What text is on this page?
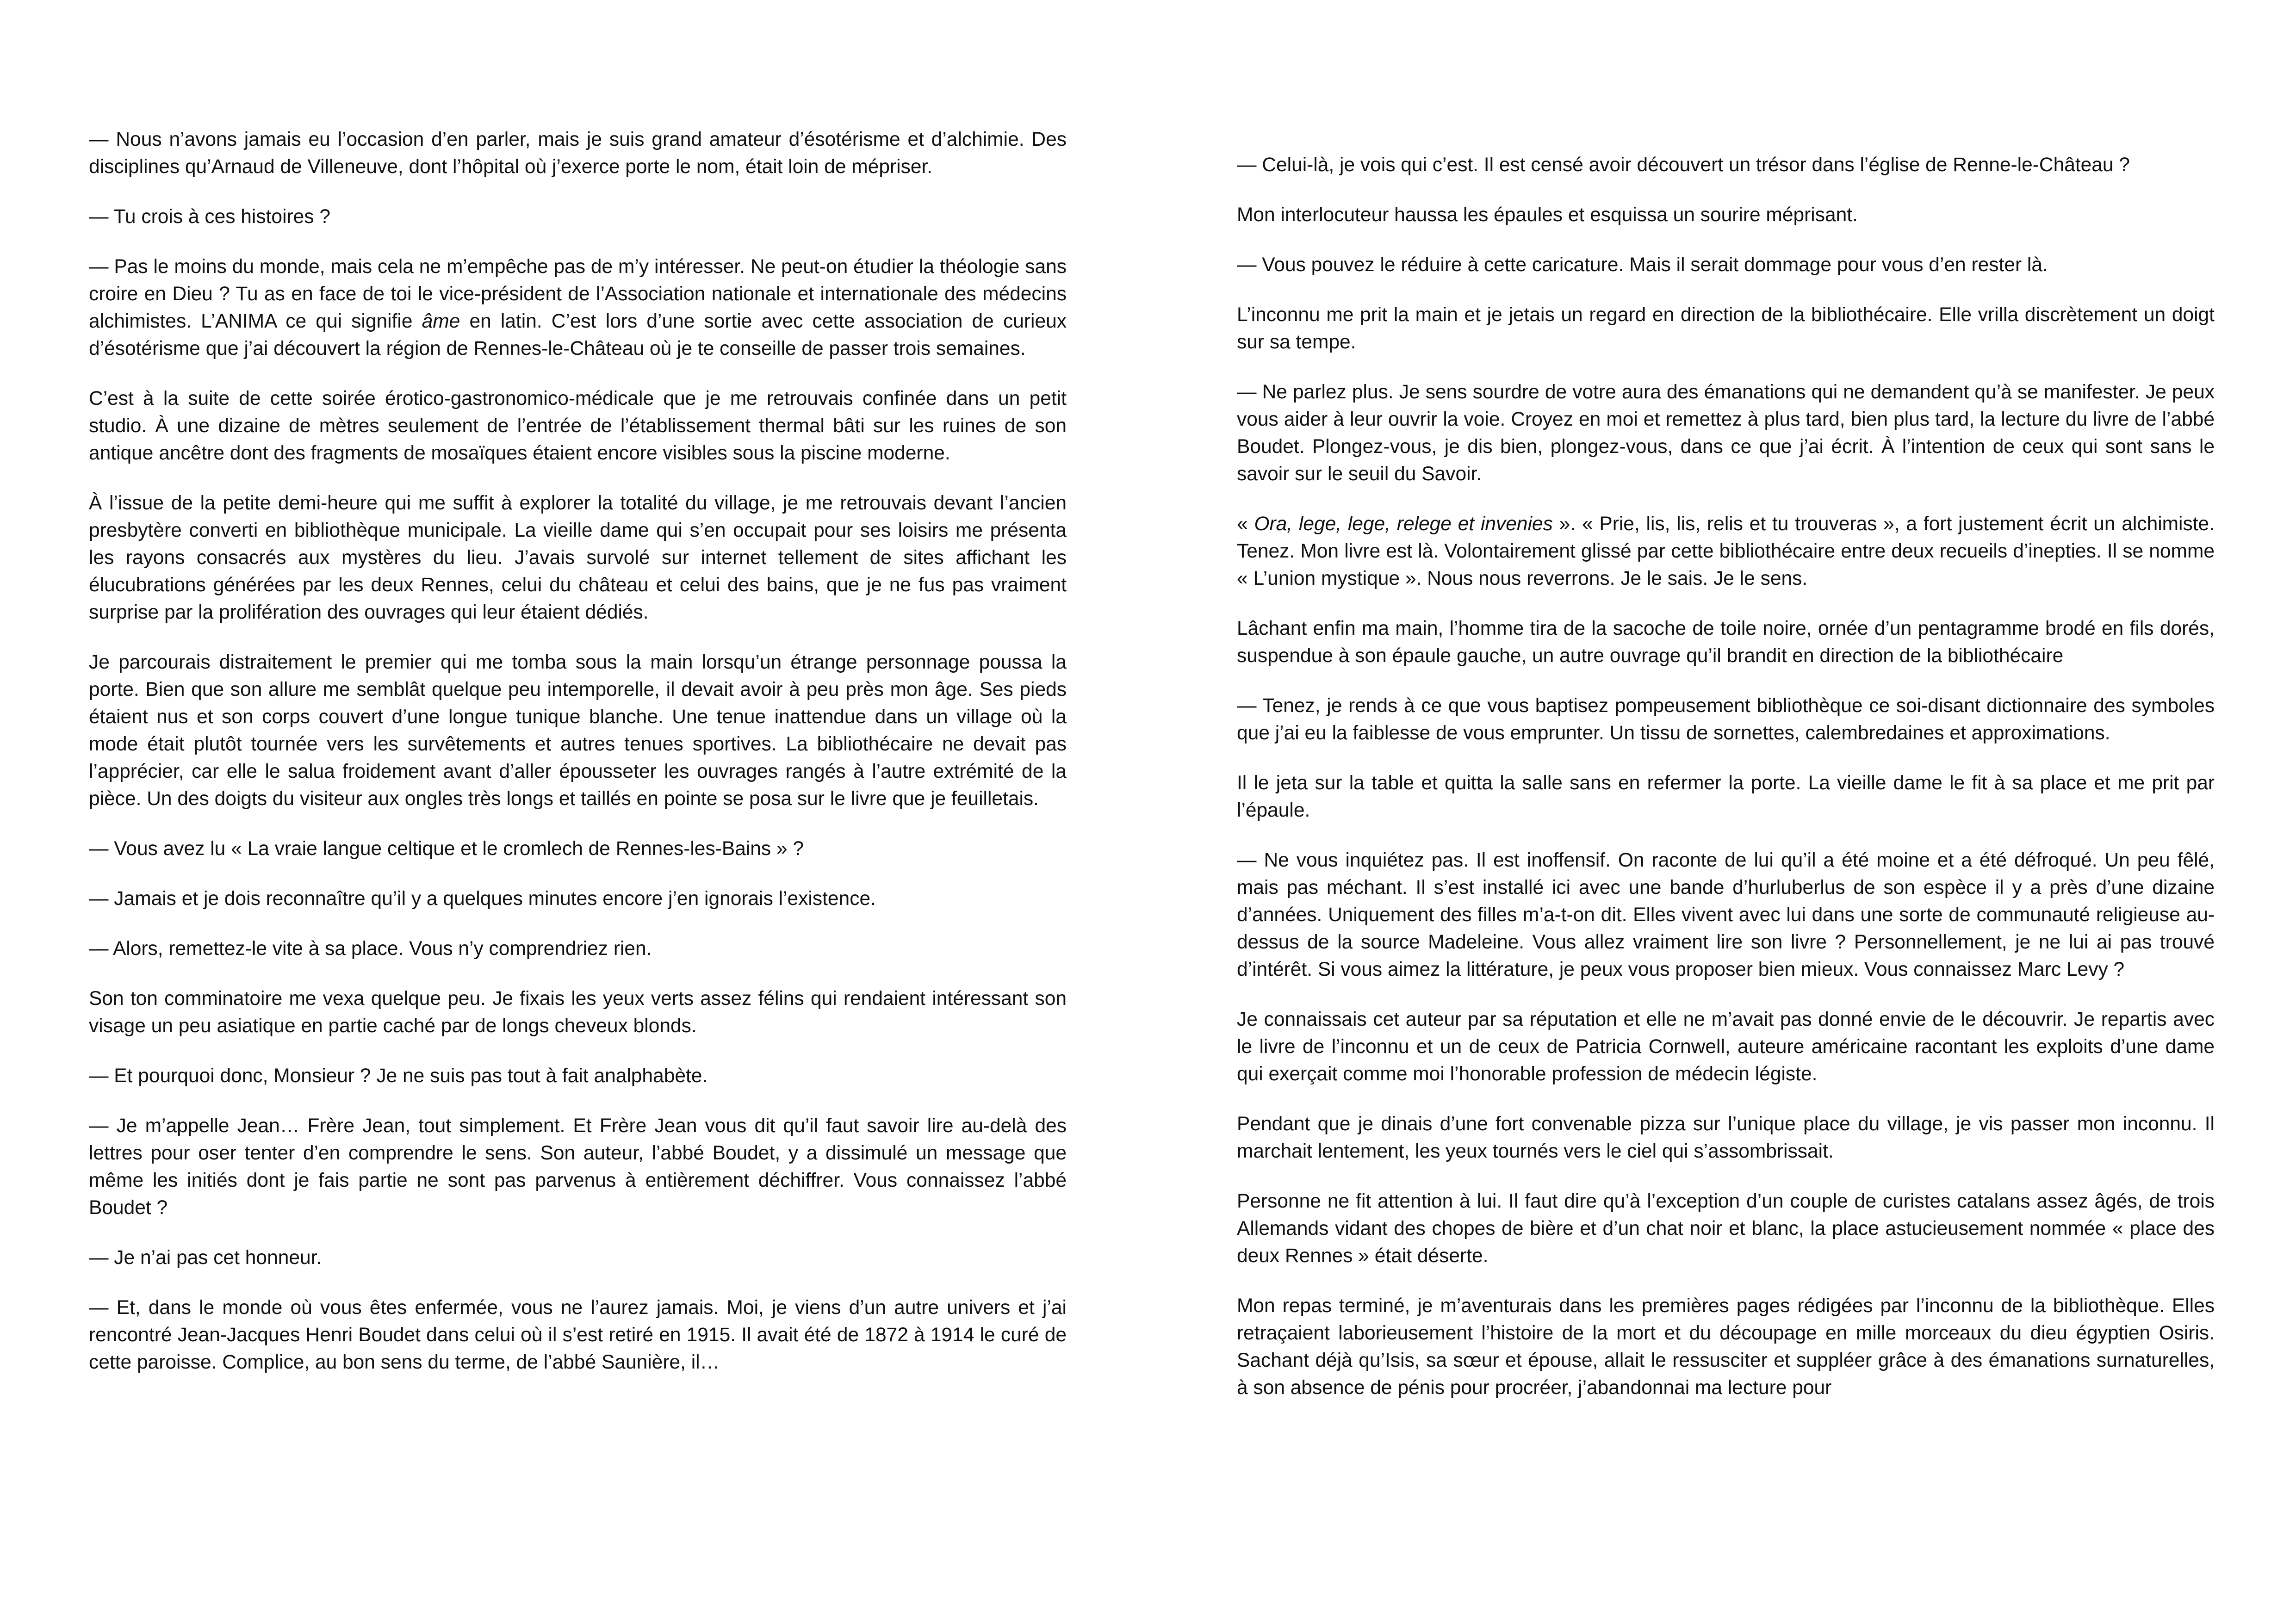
— Nous n’avons jamais eu l’occasion d’en parler, mais je suis grand amateur d’ésotérisme et d’alchimie. Des disciplines qu’Arnaud de Villeneuve, dont l’hôpital où j’exerce porte le nom, était loin de mépriser.

— Tu crois à ces histoires ?

— Pas le moins du monde, mais cela ne m’empêche pas de m’y intéresser. Ne peut-on étudier la théologie sans croire en Dieu ? Tu as en face de toi le vice-président de l’Association nationale et internationale des médecins alchimistes. L’ANIMA ce qui signifie âme en latin. C’est lors d’une sortie avec cette association de curieux d’ésotérisme que j’ai découvert la région de Rennes-le-Château où je te conseille de passer trois semaines.

C’est à la suite de cette soirée érotico-gastronomico-médicale que je me retrouvais confinée dans un petit studio. À une dizaine de mètres seulement de l’entrée de l’établissement thermal bâti sur les ruines de son antique ancêtre dont des fragments de mosaïques étaient encore visibles sous la piscine moderne.

À l’issue de la petite demi-heure qui me suffit à explorer la totalité du village, je me retrouvais devant l’ancien presbytère converti en bibliothèque municipale. La vieille dame qui s’en occupait pour ses loisirs me présenta les rayons consacrés aux mystères du lieu. J’avais survolé sur internet tellement de sites affichant les élucubrations générées par les deux Rennes, celui du château et celui des bains, que je ne fus pas vraiment surprise par la prolifération des ouvrages qui leur étaient dédiés.

Je parcourais distraitement le premier qui me tomba sous la main lorsqu’un étrange personnage poussa la porte. Bien que son allure me semblât quelque peu intemporelle, il devait avoir à peu près mon âge. Ses pieds étaient nus et son corps couvert d’une longue tunique blanche. Une tenue inattendue dans un village où la mode était plutôt tournée vers les survêtements et autres tenues sportives. La bibliothécaire ne devait pas l’apprécier, car elle le salua froidement avant d’aller épousseter les ouvrages rangés à l’autre extrémité de la pièce. Un des doigts du visiteur aux ongles très longs et taillés en pointe se posa sur le livre que je feuilletais.

— Vous avez lu « La vraie langue celtique et le cromlech de Rennes-les-Bains » ?

— Jamais et je dois reconnaître qu’il y a quelques minutes encore j’en ignorais l’existence.

— Alors, remettez-le vite à sa place. Vous n’y comprendriez rien.

Son ton comminatoire me vexa quelque peu. Je fixais les yeux verts assez félins qui rendaient intéressant son visage un peu asiatique en partie caché par de longs cheveux blonds.

— Et pourquoi donc, Monsieur ? Je ne suis pas tout à fait analphabète.

— Je m’appelle Jean… Frère Jean, tout simplement. Et Frère Jean vous dit qu’il faut savoir lire au-delà des lettres pour oser tenter d’en comprendre le sens. Son auteur, l’abbé Boudet, y a dissimulé un message que même les initiés dont je fais partie ne sont pas parvenus à entièrement déchiffrer. Vous connaissez l’abbé Boudet ?

— Je n’ai pas cet honneur.

— Et, dans le monde où vous êtes enfermée, vous ne l’aurez jamais. Moi, je viens d’un autre univers et j’ai rencontré Jean-Jacques Henri Boudet dans celui où il s’est retiré en 1915. Il avait été de 1872 à 1914 le curé de cette paroisse. Complice, au bon sens du terme, de l’abbé Saunière, il…

— Celui-là, je vois qui c’est. Il est censé avoir découvert un trésor dans l’église de Renne-le-Château ?

Mon interlocuteur haussa les épaules et esquissa un sourire méprisant.

— Vous pouvez le réduire à cette caricature. Mais il serait dommage pour vous d’en rester là.

L’inconnu me prit la main et je jetais un regard en direction de la bibliothécaire. Elle vrilla discrètement un doigt sur sa tempe.

— Ne parlez plus. Je sens sourdre de votre aura des émanations qui ne demandent qu’à se manifester. Je peux vous aider à leur ouvrir la voie. Croyez en moi et remettez à plus tard, bien plus tard, la lecture du livre de l’abbé Boudet. Plongez-vous, je dis bien, plongez-vous, dans ce que j’ai écrit. À l’intention de ceux qui sont sans le savoir sur le seuil du Savoir.

« Ora, lege, lege, relege et invenies ». « Prie, lis, lis, relis et tu trouveras », a fort justement écrit un alchimiste. Tenez. Mon livre est là. Volontairement glissé par cette bibliothécaire entre deux recueils d’inepties. Il se nomme « L’union mystique ». Nous nous reverrons. Je le sais. Je le sens.

Lâchant enfin ma main, l’homme tira de la sacoche de toile noire, ornée d’un pentagramme brodé en fils dorés, suspendue à son épaule gauche, un autre ouvrage qu’il brandit en direction de la bibliothécaire

— Tenez, je rends à ce que vous baptisez pompeusement bibliothèque ce soi-disant dictionnaire des symboles que j’ai eu la faiblesse de vous emprunter. Un tissu de sornettes, calembredaines et approximations.

Il le jeta sur la table et quitta la salle sans en refermer la porte. La vieille dame le fit à sa place et me prit par l’épaule.

— Ne vous inquiétez pas. Il est inoffensif. On raconte de lui qu’il a été moine et a été défroqué. Un peu fêlé, mais pas méchant. Il s’est installé ici avec une bande d’hurluberlus de son espèce il y a près d’une dizaine d’années. Uniquement des filles m’a-t-on dit. Elles vivent avec lui dans une sorte de communauté religieuse au-dessus de la source Madeleine. Vous allez vraiment lire son livre ? Personnellement, je ne lui ai pas trouvé d’intérêt. Si vous aimez la littérature, je peux vous proposer bien mieux. Vous connaissez Marc Levy ?

Je connaissais cet auteur par sa réputation et elle ne m’avait pas donné envie de le découvrir. Je repartis avec le livre de l’inconnu et un de ceux de Patricia Cornwell, auteure américaine racontant les exploits d’une dame qui exerçait comme moi l’honorable profession de médecin légiste.

Pendant que je dinais d’une fort convenable pizza sur l’unique place du village, je vis passer mon inconnu. Il marchait lentement, les yeux tournés vers le ciel qui s’assombrissait.

Personne ne fit attention à lui. Il faut dire qu’à l’exception d’un couple de curistes catalans assez âgés, de trois Allemands vidant des chopes de bière et d’un chat noir et blanc, la place astucieusement nommée « place des deux Rennes » était déserte.

Mon repas terminé, je m’aventurais dans les premières pages rédigées par l’inconnu de la bibliothèque. Elles retraçaient laborieusement l’histoire de la mort et du découpage en mille morceaux du dieu égyptien Osiris. Sachant déjà qu’Isis, sa sœur et épouse, allait le ressusciter et suppléer grâce à des émanations surnaturelles, à son absence de pénis pour procréer, j’abandonnai ma lecture pour
